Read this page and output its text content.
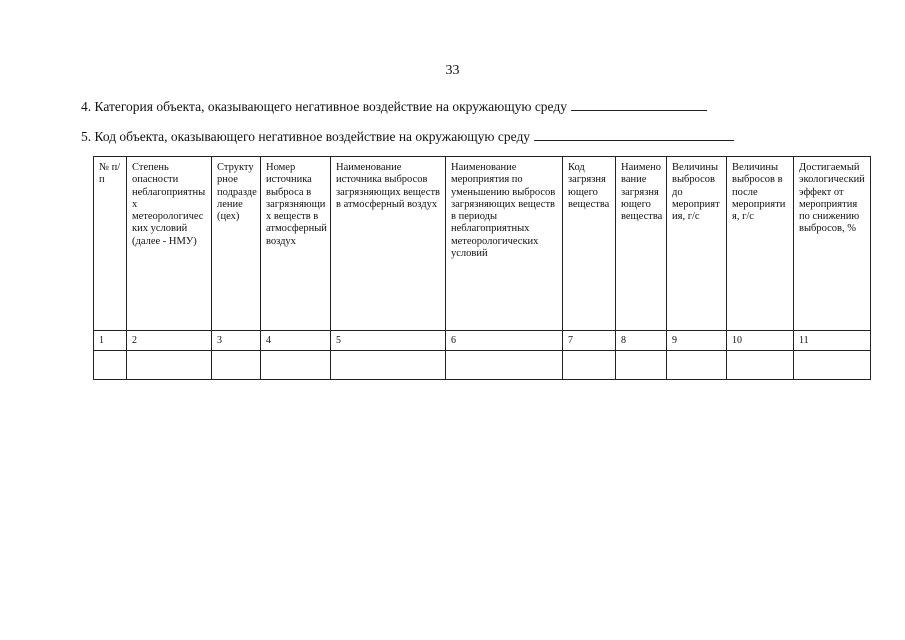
33
4. Категория объекта, оказывающего негативное воздействие на окружающую среду
5. Код объекта, оказывающего негативное воздействие на окружающую среду
№ п/п	Степень опасности неблагоприятных метеорологических условий (далее - НМУ)	Структурное подразделение (цех)	Номер источника выброса в загрязняющих веществ в атмосферный воздух	Наименование источника выбросов загрязняющих веществ в атмосферный воздух	Наименование мероприятия по уменьшению выбросов загрязняющих веществ в периоды неблагоприятных метеорологических условий	Код загрязняющего вещества	Наименование загрязняющего вещества	Величины выбросов до мероприятия, г/с	Величины выбросов в после мероприятия, г/с	Достигаемый экологический эффект от мероприятия по снижению выбросов, %
1	2	3	4	5	6	7	8	9	10	11
